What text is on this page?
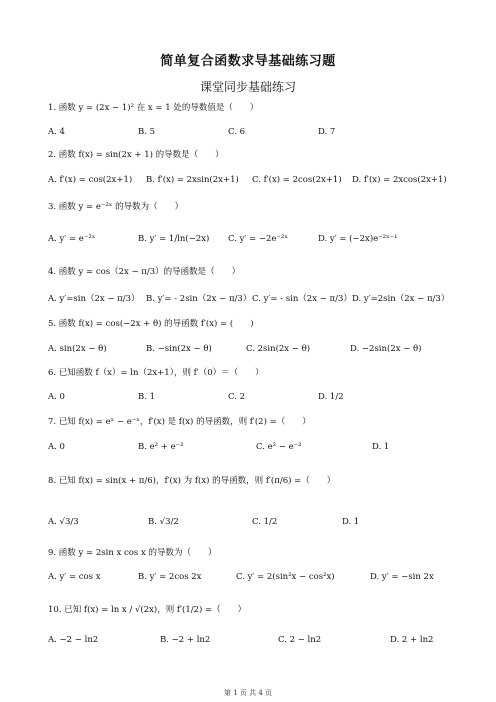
简单复合函数求导基础练习题
课堂同步基础练习
1. 函数 y = (2x − 1)² 在 x = 1 处的导数值是（　　）
A. 4	B. 5	C. 6	D. 7
2. 函数 f(x) = sin(2x + 1) 的导数是（　　）
A. f′(x) = cos(2x+1) B. f′(x) = 2xsin(2x+1) C. f′(x) = 2cos(2x+1) D. f′(x) = 2xcos(2x+1)
3. 函数 y = e⁻²ˣ 的导数为（　　）
A. y′ = e⁻²ˣ	B. y′ = 1/ln(−2x) C. y′ = −2e⁻²ˣ	D. y′ = (−2x)e⁻²ˣ⁻¹
4. 函数 y = cos（2x − π/3）的导函数是（　　）
A. y′=sin（2x − π/3） B. y′= - 2sin（2x − π/3） C. y′= - sin（2x − π/3） D. y′=2sin（2x − π/3）
5. 函数 f(x) = cos(−2x + θ) 的导函数 f′(x) = (　　)
A. sin(2x − θ)	B. −sin(2x − θ)	C. 2sin(2x − θ)	D. −2sin(2x − θ)
6. 已知函数 f（x）= ln（2x+1），则 f′（0）＝（　　）
A. 0	B. 1	C. 2	D. 1/2
7. 已知 f(x) = eˣ − e⁻ˣ，f′(x) 是 f(x) 的导函数，则 f′(2) =（　　）
A. 0	B. e² + e⁻²	C. e² − e⁻²	D. 1
8. 已知 f(x) = sin(x + π/6)，f′(x) 为 f(x) 的导函数，则 f′(π/6) =（　　）
A. √3/3	B. √3/2	C. 1/2	D. 1
9. 函数 y = 2sin x cos x 的导数为（　　）
A. y′ = cos x	B. y′ = 2cos 2x	C. y′ = 2(sin²x − cos²x)	D. y′ = −sin 2x
10. 已知 f(x) = ln x / √(2x)，则 f′(1/2) =（　　）
A. −2 − ln2	B. −2 + ln2	C. 2 − ln2	D. 2 + ln2
第 1 页 共 4 页
